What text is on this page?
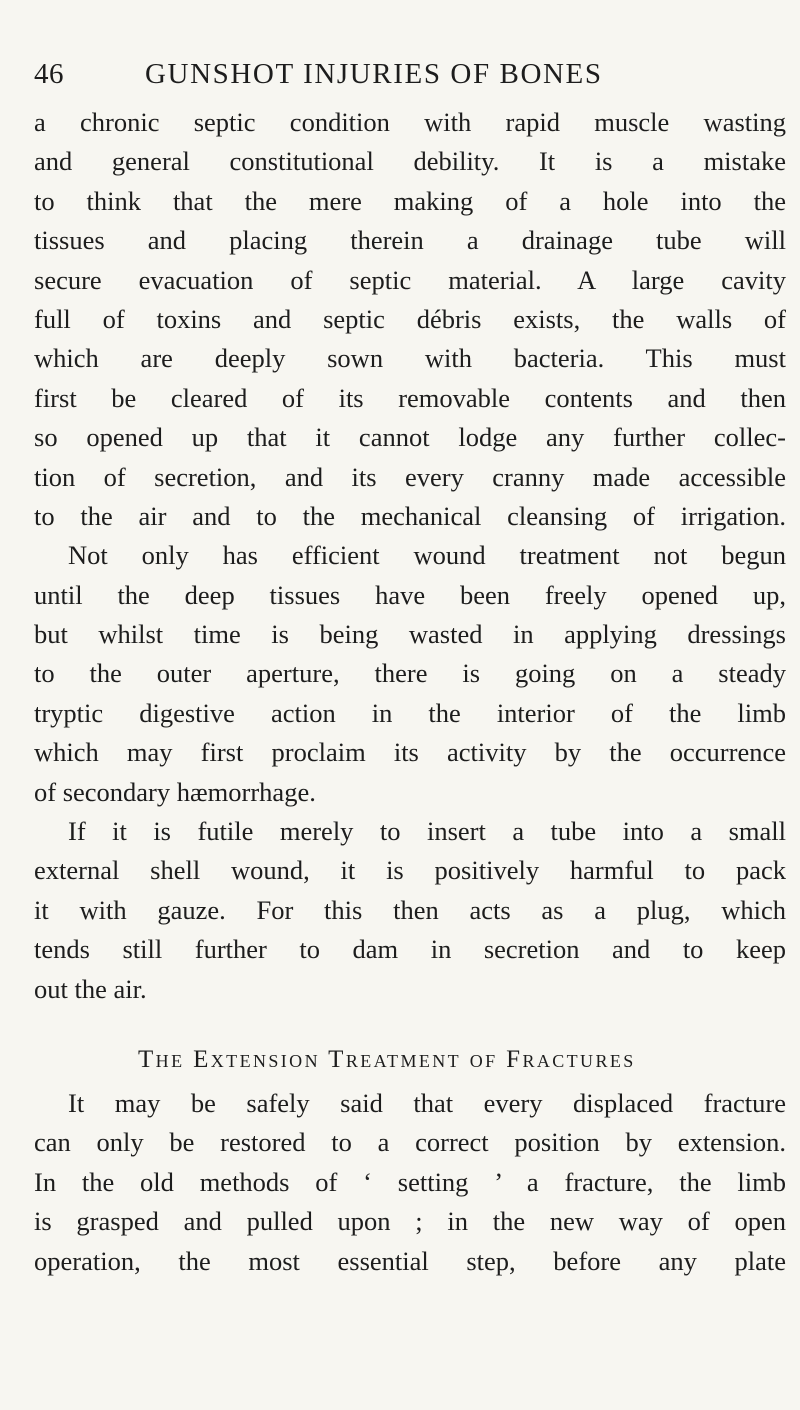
46	GUNSHOT INJURIES OF BONES
a chronic septic condition with rapid muscle wasting
and general constitutional debility. It is a mistake
to think that the mere making of a hole into the
tissues and placing therein a drainage tube will
secure evacuation of septic material. A large cavity
full of toxins and septic débris exists, the walls of
which are deeply sown with bacteria. This must
first be cleared of its removable contents and then
so opened up that it cannot lodge any further collec-
tion of secretion, and its every cranny made accessible
to the air and to the mechanical cleansing of irrigation.
Not only has efficient wound treatment not begun
until the deep tissues have been freely opened up,
but whilst time is being wasted in applying dressings
to the outer aperture, there is going on a steady
tryptic digestive action in the interior of the limb
which may first proclaim its activity by the occurrence
of secondary hæmorrhage.
If it is futile merely to insert a tube into a small
external shell wound, it is positively harmful to pack
it with gauze. For this then acts as a plug, which
tends still further to dam in secretion and to keep
out the air.
The Extension Treatment of Fractures
It may be safely said that every displaced fracture
can only be restored to a correct position by extension.
In the old methods of ‘ setting ’ a fracture, the limb
is grasped and pulled upon ; in the new way of open
operation, the most essential step, before any plate
